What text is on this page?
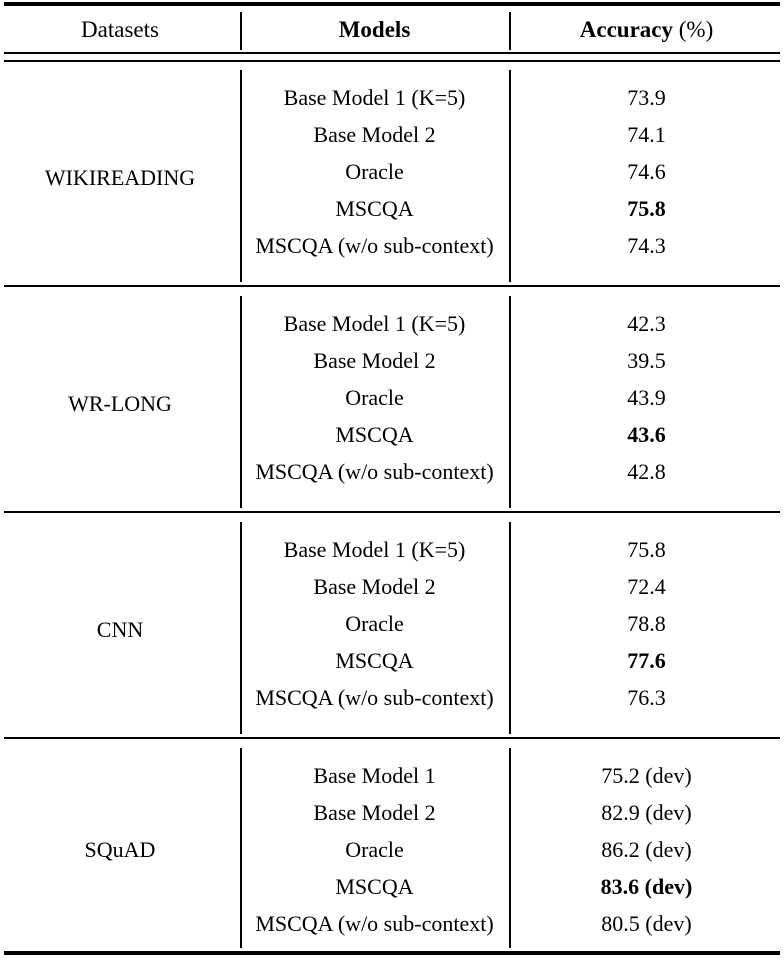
Datasets	Models	Accuracy (%)
WIKIREADING
Base Model 1 (K=5)
Base Model 2
Oracle
MSCQA
MSCQA (w/o sub-context)
73.9
74.1
74.6
75.8
74.3
WR-LONG
Base Model 1 (K=5)
Base Model 2
Oracle
MSCQA
MSCQA (w/o sub-context)
42.3
39.5
43.9
43.6
42.8
CNN
Base Model 1 (K=5)
Base Model 2
Oracle
MSCQA
MSCQA (w/o sub-context)
75.8
72.4
78.8
77.6
76.3
SQuAD
Base Model 1
Base Model 2
Oracle
MSCQA
MSCQA (w/o sub-context)
75.2 (dev)
82.9 (dev)
86.2 (dev)
83.6 (dev)
80.5 (dev)
